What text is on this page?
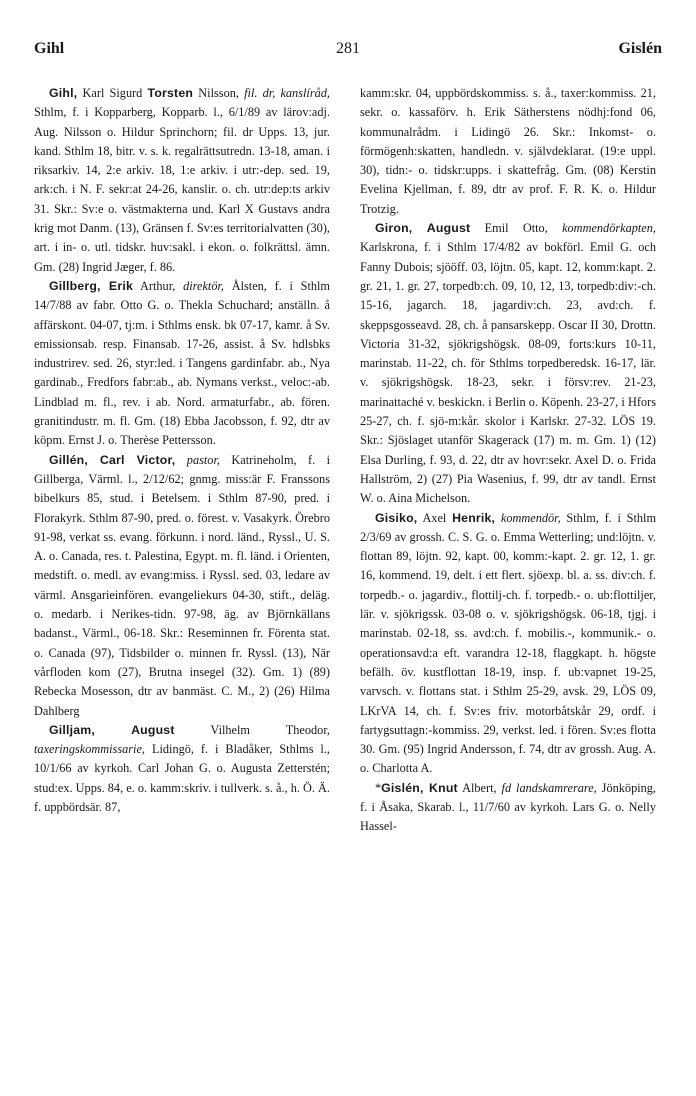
281
Gihl	Gislén

Gihl, Karl Sigurd Torsten Nilsson, fil. dr, kanslíråd, Sthlm, f. i Kopparberg, Kopparb. l., 6/1/89 av lärov:adj. Aug. Nilsson o. Hildur Sprinchorn; fil. dr Upps. 13, jur. kand. Sthlm 18, bitr. v. s. k. regalrättsutredn. 13-18, aman. i riksarkiv. 14, 2:e arkiv. 18, 1:e arkiv. i utr:-dep. sed. 19, ark:ch. i N. F. sekr:at 24-26, kanslir. o. ch. utr:dep:ts arkiv 31. Skr.: Sv:e o. västmakterna und. Karl X Gustavs andra krig mot Danm. (13), Gränsen f. Sv:es territorialvatten (30), art. i in- o. utl. tidskr. huv:sakl. i ekon. o. folkrättsl. ämn. Gm. (28) Ingrid Jæger, f. 86.

Gillberg, Erik Arthur, direktör, Ålsten, f. i Sthlm 14/7/88 av fabr. Otto G. o. Thekla Schuchard; anställn. å affärskont. 04-07, tj:m. i Sthlms ensk. bk 07-17, kamr. å Sv. emissionsab. resp. Finansab. 17-26, assist. å Sv. hdlsbks industrirev. sed. 26, styr:led. i Tangens gardinfabr. ab., Nya gardinab., Fredfors fabr:ab., ab. Nymans verkst., veloc:-ab. Lindblad m. fl., rev. i ab. Nord. armaturfabr., ab. fören. granitindustr. m. fl. Gm. (18) Ebba Jacobsson, f. 92, dtr av köpm. Ernst J. o. Therèse Pettersson.

Gillén, Carl Victor, pastor, Katrineholm, f. i Gillberga, Värml. l., 2/12/62; gnmg. miss:är F. Franssons bibelkurs 85, stud. i Betelsem. i Sthlm 87-90, pred. i Florakyrk. Sthlm 87-90, pred. o. förest. v. Vasakyrk. Örebro 91-98, verkat ss. evang. förkunn. i nord. länd., Ryssl., U. S. A. o. Canada, res. t. Palestina, Egypt. m. fl. länd. i Orienten, medstift. o. medl. av evang:miss. i Ryssl. sed. 03, ledare av värml. Ansgarieinfören. evangeliekurs 04-30, stift., deläg. o. medarb. i Nerikes-tidn. 97-98, äg. av Björnkällans badanst., Värml., 06-18. Skr.: Reseminnen fr. Förenta stat. o. Canada (97), Tidsbilder o. minnen fr. Ryssl. (13), När vårfloden kom (27), Brutna insegel (32). Gm. 1) (89) Rebecka Mosesson, dtr av banmäst. C. M., 2) (26) Hilma Dahlberg

Gilljam, August Vilhelm Theodor, taxeringskommissarie, Lidingö, f. i Bladåker, Sthlms l., 10/1/66 av kyrkoh. Carl Johan G. o. Augusta Zetterstén; stud:ex. Upps. 84, e. o. kamm:skriv. i tullverk. s. å., h. Ö. Ä. f. uppbördsär. 87,

kamm:skr. 04, uppbördskommiss. s. å., taxer:kommiss. 21, sekr. o. kassaförv. h. Erik Sätherstens nödhj:fond 06, kommunalrådm. i Lidingö 26. Skr.: Inkomst- o. förmögenh:skatten, handledn. v. självdeklarat. (19:e uppl. 30), tidn:- o. tidskr:upps. i skattefråg. Gm. (08) Kerstin Evelina Kjellman, f. 89, dtr av prof. F. R. K. o. Hildur Trotzig.

Giron, August Emil Otto, kommendörkapten, Karlskrona, f. i Sthlm 17/4/82 av bokförl. Emil G. och Fanny Dubois; sjööff. 03, löjtn. 05, kapt. 12, komm:kapt. 2. gr. 21, 1. gr. 27, torpedb:ch. 09, 10, 12, 13, torpedb:div:-ch. 15-16, jagarch. 18, jagardiv:ch. 23, avd:ch. f. skeppsgosseavd. 28, ch. å pansarskepp. Oscar II 30, Drottn. Victoria 31-32, sjökrigshögsk. 08-09, forts:kurs 10-11, marinstab. 11-22, ch. för Sthlms torpedberedsk. 16-17, lär. v. sjökrigshögsk. 18-23, sekr. i försv:rev. 21-23, marinattaché v. beskickn. i Berlin o. Köpenh. 23-27, i Hfors 25-27, ch. f. sjö-m:kår. skolor i Karlskr. 27-32. LÖS 19. Skr.: Sjöslaget utanför Skagerack (17) m. m. Gm. 1) (12) Elsa Durling, f. 93, d. 22, dtr av hovr:sekr. Axel D. o. Frida Hallström, 2) (27) Pia Wasenius, f. 99, dtr av tandl. Ernst W. o. Aina Michelson.

Gisiko, Axel Henrik, kommendör, Sthlm, f. i Sthlm 2/3/69 av grossh. C. S. G. o. Emma Wetterling; und:löjtn. v. flottan 89, löjtn. 92, kapt. 00, komm:-kapt. 2. gr. 12, 1. gr. 16, kommend. 19, delt. i ett flert. sjöexp. bl. a. ss. div:ch. f. torpedb.- o. jagardiv., flottilj-ch. f. torpedb.- o. ub:flottiljer, lär. v. sjökrigssk. 03-08 o. v. sjökrigshögsk. 06-18, tjgj. i marinstab. 02-18, ss. avd:ch. f. mobilis.-, kommunik.- o. operationsavd:a eft. varandra 12-18, flaggkapt. h. högste befälh. öv. kustflottan 18-19, insp. f. ub:vapnet 19-25, varvsch. v. flottans stat. i Sthlm 25-29, avsk. 29, LÖS 09, LKrVA 14, ch. f. Sv:es friv. motorbåtskår 29, ordf. i fartygsuttagn:-kommiss. 29, verkst. led. i fören. Sv:es flotta 30. Gm. (95) Ingrid Andersson, f. 74, dtr av grossh. Aug. A. o. Charlotta A.

*Gislén, Knut Albert, fd landskamrerare, Jönköping, f. i Åsaka, Skarab. l., 11/7/60 av kyrkoh. Lars G. o. Nelly Hassel-
